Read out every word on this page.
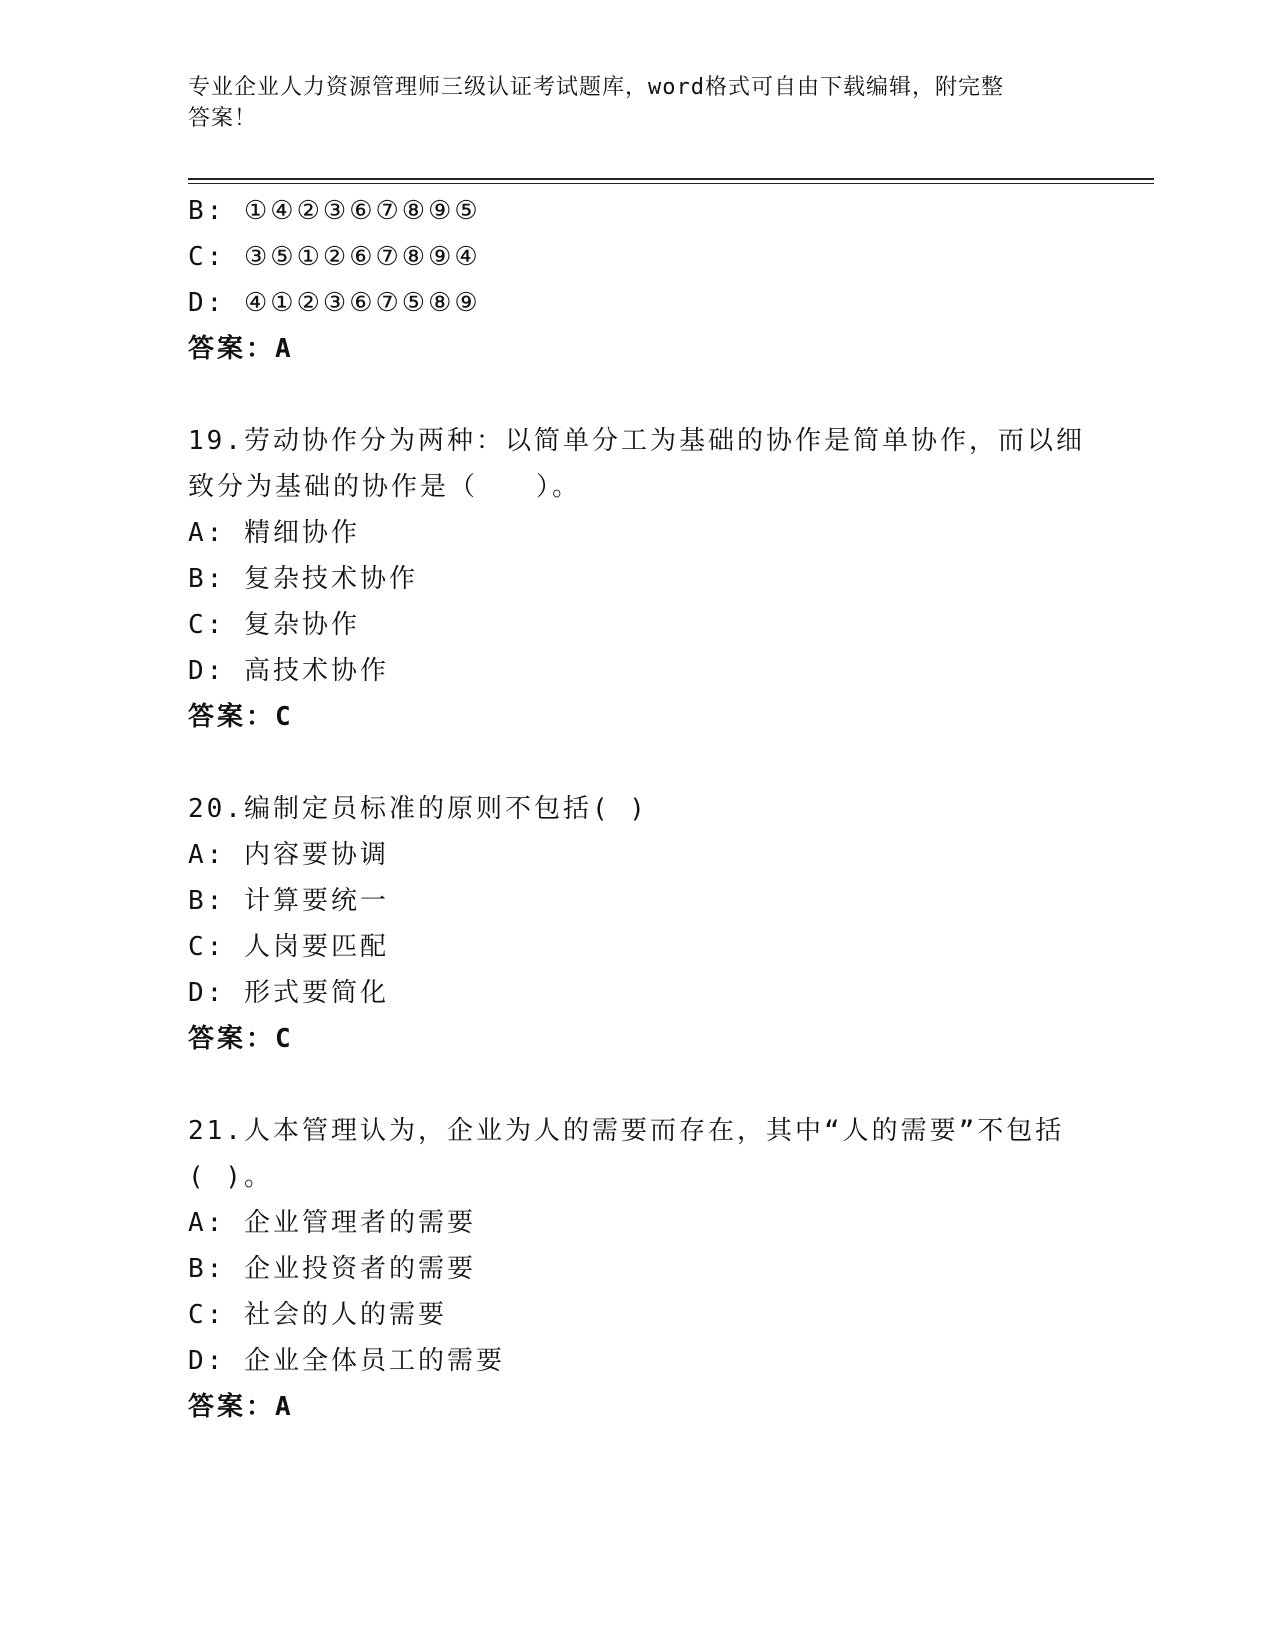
专业企业人力资源管理师三级认证考试题库，word格式可自由下载编辑，附完整
答案！
B: ①④②③⑥⑦⑧⑨⑤
C: ③⑤①②⑥⑦⑧⑨④
D: ④①②③⑥⑦⑤⑧⑨
答案：A
19.劳动协作分为两种：以简单分工为基础的协作是简单协作，而以细
致分为基础的协作是（　　）。
A: 精细协作
B: 复杂技术协作
C: 复杂协作
D: 高技术协作
答案：C
20.编制定员标准的原则不包括( )
A: 内容要协调
B: 计算要统一
C: 人岗要匹配
D: 形式要简化
答案：C
21.人本管理认为，企业为人的需要而存在，其中“人的需要”不包括
( )。
A: 企业管理者的需要
B: 企业投资者的需要
C: 社会的人的需要
D: 企业全体员工的需要
答案：A
